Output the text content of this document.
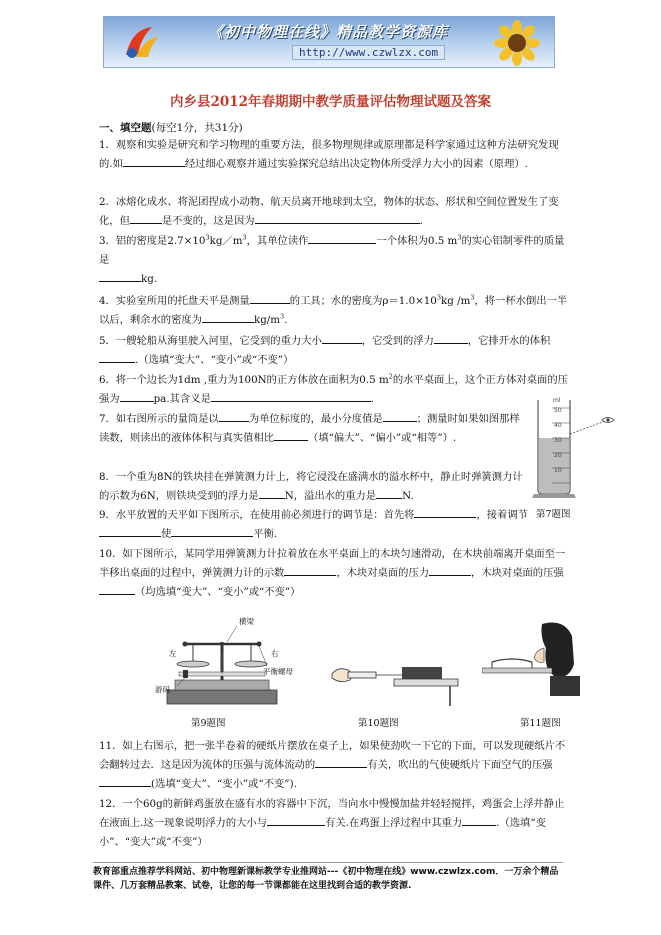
《初中物理在线》精品教学资源库
http://www.czwlzx.com
内乡县2012年春期期中教学质量评估物理试题及答案
一、填空题(每空1分，共31分)

1．观察和实验是研究和学习物理的重要方法，很多物理规律或原理都是科学家通过这种方法研究发现的.如	经过细心观察并通过实验探究总结出决定物体所受浮力大小的因素（原理）.

2．冰熔化成水、将泥团捏成小动物、航天员离开地球到太空，物体的状态、形状和空间位置发生了变化，但	是不变的，这是因为	.

3．铝的密度是$2.7\times 10^3kg/m^3$，其单位读作	一个体积为0.5 $m^3$的实心铝制零件的质量是
kg.

4．实验室所用的托盘天平是测量	的工具；水的密度为$\rho=1.0\times 10^3kg$ $/m^3$，将一杯水倒出一半以后，剩余水的密度为	$kg/m^3$.

5．一艘轮船从海里驶入河里，它受到的重力大小	，它受到的浮力	，它排开水的体积.（选填“变大”、“变小”或“不变”）

6．将一个边长为1dm ,重力为100N的正方体放在面积为0.5 $m^2$的水平桌面上，这个正方体对桌面的压强为	pa.其含义是	.

7．如右图所示的量筒是以	为单位标度的，最小分度值是	；测量时如果如图那样读数，则读出的液体体积与真实值相比	（填“偏大”、“偏小”或“相等”）.

8．一个重为8N的铁块挂在弹簧测力计上，将它浸没在盛满水的溢水杯中，静止时弹簧测力计的示数为6N，则铁块受到的浮力是	N，溢出水的重力是	N.

9．水平放置的天平如下图所示，在使用前必须进行的调节是：首先将	，接着调节使	平衡.

10．如下图所示，某同学用弹簧测力计拉着放在水平桌面上的木块匀速滑动，在木块前端离开桌面至一半移出桌面的过程中，弹簧测力计的示数	，木块对桌面的压力	，木块对桌面的压强（均选填“变大”、“变小”或“不变”）

ml
50
40
30
20
10
第7题图
横梁
左	右
平衡螺母
游码
第9题图	第10题图	第11题图

11．如上右图示，把一张半卷着的硬纸片摆放在桌子上，如果使劲吹一下它的下面，可以发现硬纸片不会翻转过去．这是因为流体的压强与流体流动的	有关，吹出的气使硬纸片下面空气的压强(选填“变大”、“变小”或“不变”).

12．一个60g的新鲜鸡蛋放在盛有水的容器中下沉，当向水中慢慢加盐并轻轻搅拌，鸡蛋会上浮并静止在液面上.这一现象说明浮力的大小与	有关.在鸡蛋上浮过程中其重力	.（选填“变小”、“变大”或“不变”）

教育部重点推荐学科网站、初中物理新课标教学专业推网站---《初中物理在线》www.czwlzx.com．一万余个精品课件、几万套精品教案、试卷，让您的每一节课都能在这里找到合适的教学资源.
